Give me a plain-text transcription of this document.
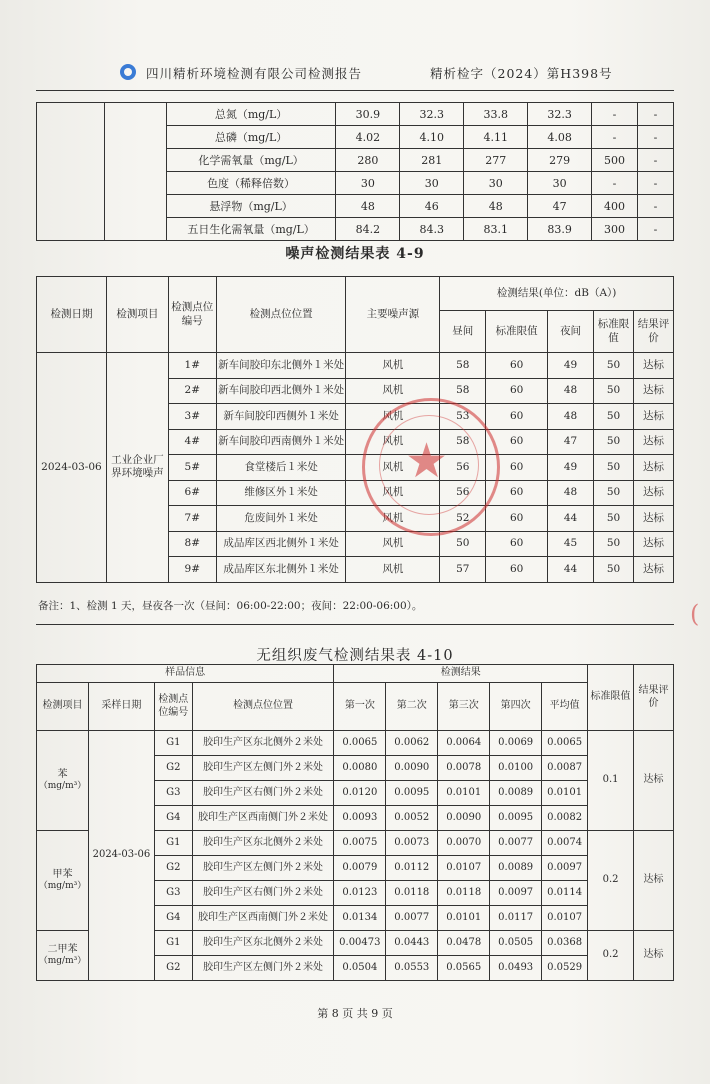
四川精析环境检测有限公司检测报告	精析检字（2024）第H398号
		总氮（mg/L）	30.9	32.3	33.8	32.3	-	-
		总磷（mg/L）	4.02	4.10	4.11	4.08	-	-
		化学需氧量（mg/L）	280	281	277	279	500	-
		色度（稀释倍数）	30	30	30	30	-	-
		悬浮物（mg/L）	48	46	48	47	400	-
		五日生化需氧量（mg/L）	84.2	84.3	83.1	83.9	300	-
噪声检测结果表 4-9
检测日期	检测项目	检测点位编号	检测点位位置	主要噪声源	检测结果(单位：dB（A）)				
					昼间	标准限值	夜间	标准限值	结果评价
2024-03-06	工业企业厂界环境噪声	1#	新车间胶印东北侧外１米处	风机	58	60	49	50	达标
		2#	新车间胶印西北侧外１米处	风机	58	60	48	50	达标
		3#	新车间胶印西侧外１米处	风机	53	60	48	50	达标
		4#	新车间胶印西南侧外１米处	风机	58	60	47	50	达标
		5#	食堂楼后１米处	风机	56	60	49	50	达标
		6#	维修区外１米处	风机	56	60	48	50	达标
		7#	危废间外１米处	风机	52	60	44	50	达标
		8#	成品库区西北侧外１米处	风机	50	60	45	50	达标
		9#	成品库区东北侧外１米处	风机	57	60	44	50	达标
备注：1、检测 1 天，昼夜各一次（昼间：06:00-22:00；夜间：22:00-06:00）。
无组织废气检测结果表 4-10
样品信息				检测结果					标准限值	结果评价
检测项目	采样日期	检测点位编号	检测点位位置	第一次	第二次	第三次	第四次	平均值		

苯
（mg/m³）	2024-03-06	G1	胶印生产区东北侧外２米处	0.0065	0.0062	0.0064	0.0069	0.0065	0.1	达标
		G2	胶印生产区左侧门外２米处	0.0080	0.0090	0.0078	0.0100	0.0087		
		G3	胶印生产区右侧门外２米处	0.0120	0.0095	0.0101	0.0089	0.0101		
		G4	胶印生产区西南侧门外２米处	0.0093	0.0052	0.0090	0.0095	0.0082		

甲苯
（mg/m³）		G1	胶印生产区东北侧外２米处	0.0075	0.0073	0.0070	0.0077	0.0074	0.2	达标
		G2	胶印生产区左侧门外２米处	0.0079	0.0112	0.0107	0.0089	0.0097		
		G3	胶印生产区右侧门外２米处	0.0123	0.0118	0.0118	0.0097	0.0114		
		G4	胶印生产区西南侧门外２米处	0.0134	0.0077	0.0101	0.0117	0.0107		

二甲苯
（mg/m³）		G1	胶印生产区东北侧外２米处	0.00473	0.0443	0.0478	0.0505	0.0368	0.2	达标
		G2	胶印生产区左侧门外２米处	0.0504	0.0553	0.0565	0.0493	0.0529		
第 8 页 共 9 页
★
(
